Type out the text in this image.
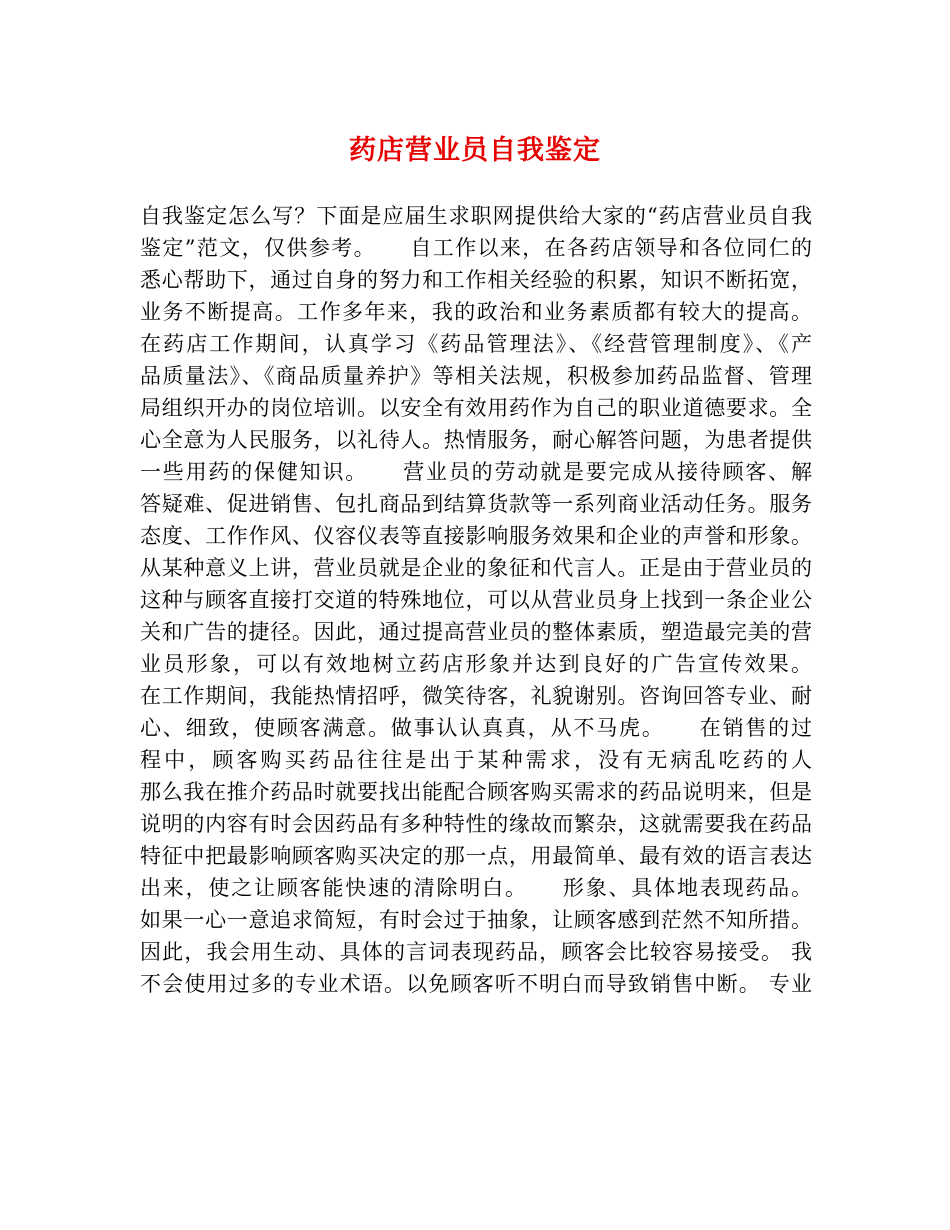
药店营业员自我鉴定
自我鉴定怎么写？下面是应届生求职网提供给大家的“药店营业员自我
鉴定”范文，仅供参考。　　自工作以来，在各药店领导和各位同仁的
悉心帮助下，通过自身的努力和工作相关经验的积累，知识不断拓宽，
业务不断提高。工作多年来，我的政治和业务素质都有较大的提高。
在药店工作期间，认真学习《药品管理法》、《经营管理制度》、《产
品质量法》、《商品质量养护》等相关法规，积极参加药品监督、管理
局组织开办的岗位培训。以安全有效用药作为自己的职业道德要求。全
心全意为人民服务，以礼待人。热情服务，耐心解答问题，为患者提供
一些用药的保健知识。　　营业员的劳动就是要完成从接待顾客、解
答疑难、促进销售、包扎商品到结算货款等一系列商业活动任务。服务
态度、工作作风、仪容仪表等直接影响服务效果和企业的声誉和形象。
从某种意义上讲，营业员就是企业的象征和代言人。正是由于营业员的
这种与顾客直接打交道的特殊地位，可以从营业员身上找到一条企业公
关和广告的捷径。因此，通过提高营业员的整体素质，塑造最完美的营
业员形象，可以有效地树立药店形象并达到良好的广告宣传效果。
在工作期间，我能热情招呼，微笑待客，礼貌谢别。咨询回答专业、耐
心、细致，使顾客满意。做事认认真真，从不马虎。　　在销售的过
程中，顾客购买药品往往是出于某种需求，没有无病乱吃药的人
那么我在推介药品时就要找出能配合顾客购买需求的药品说明来，但是
说明的内容有时会因药品有多种特性的缘故而繁杂，这就需要我在药品
特征中把最影响顾客购买决定的那一点，用最简单、最有效的语言表达
出来，使之让顾客能快速的清除明白。　　形象、具体地表现药品。
如果一心一意追求简短，有时会过于抽象，让顾客感到茫然不知所措。
因此，我会用生动、具体的言词表现药品，顾客会比较容易接受。 我
不会使用过多的专业术语。以免顾客听不明白而导致销售中断。 专业
